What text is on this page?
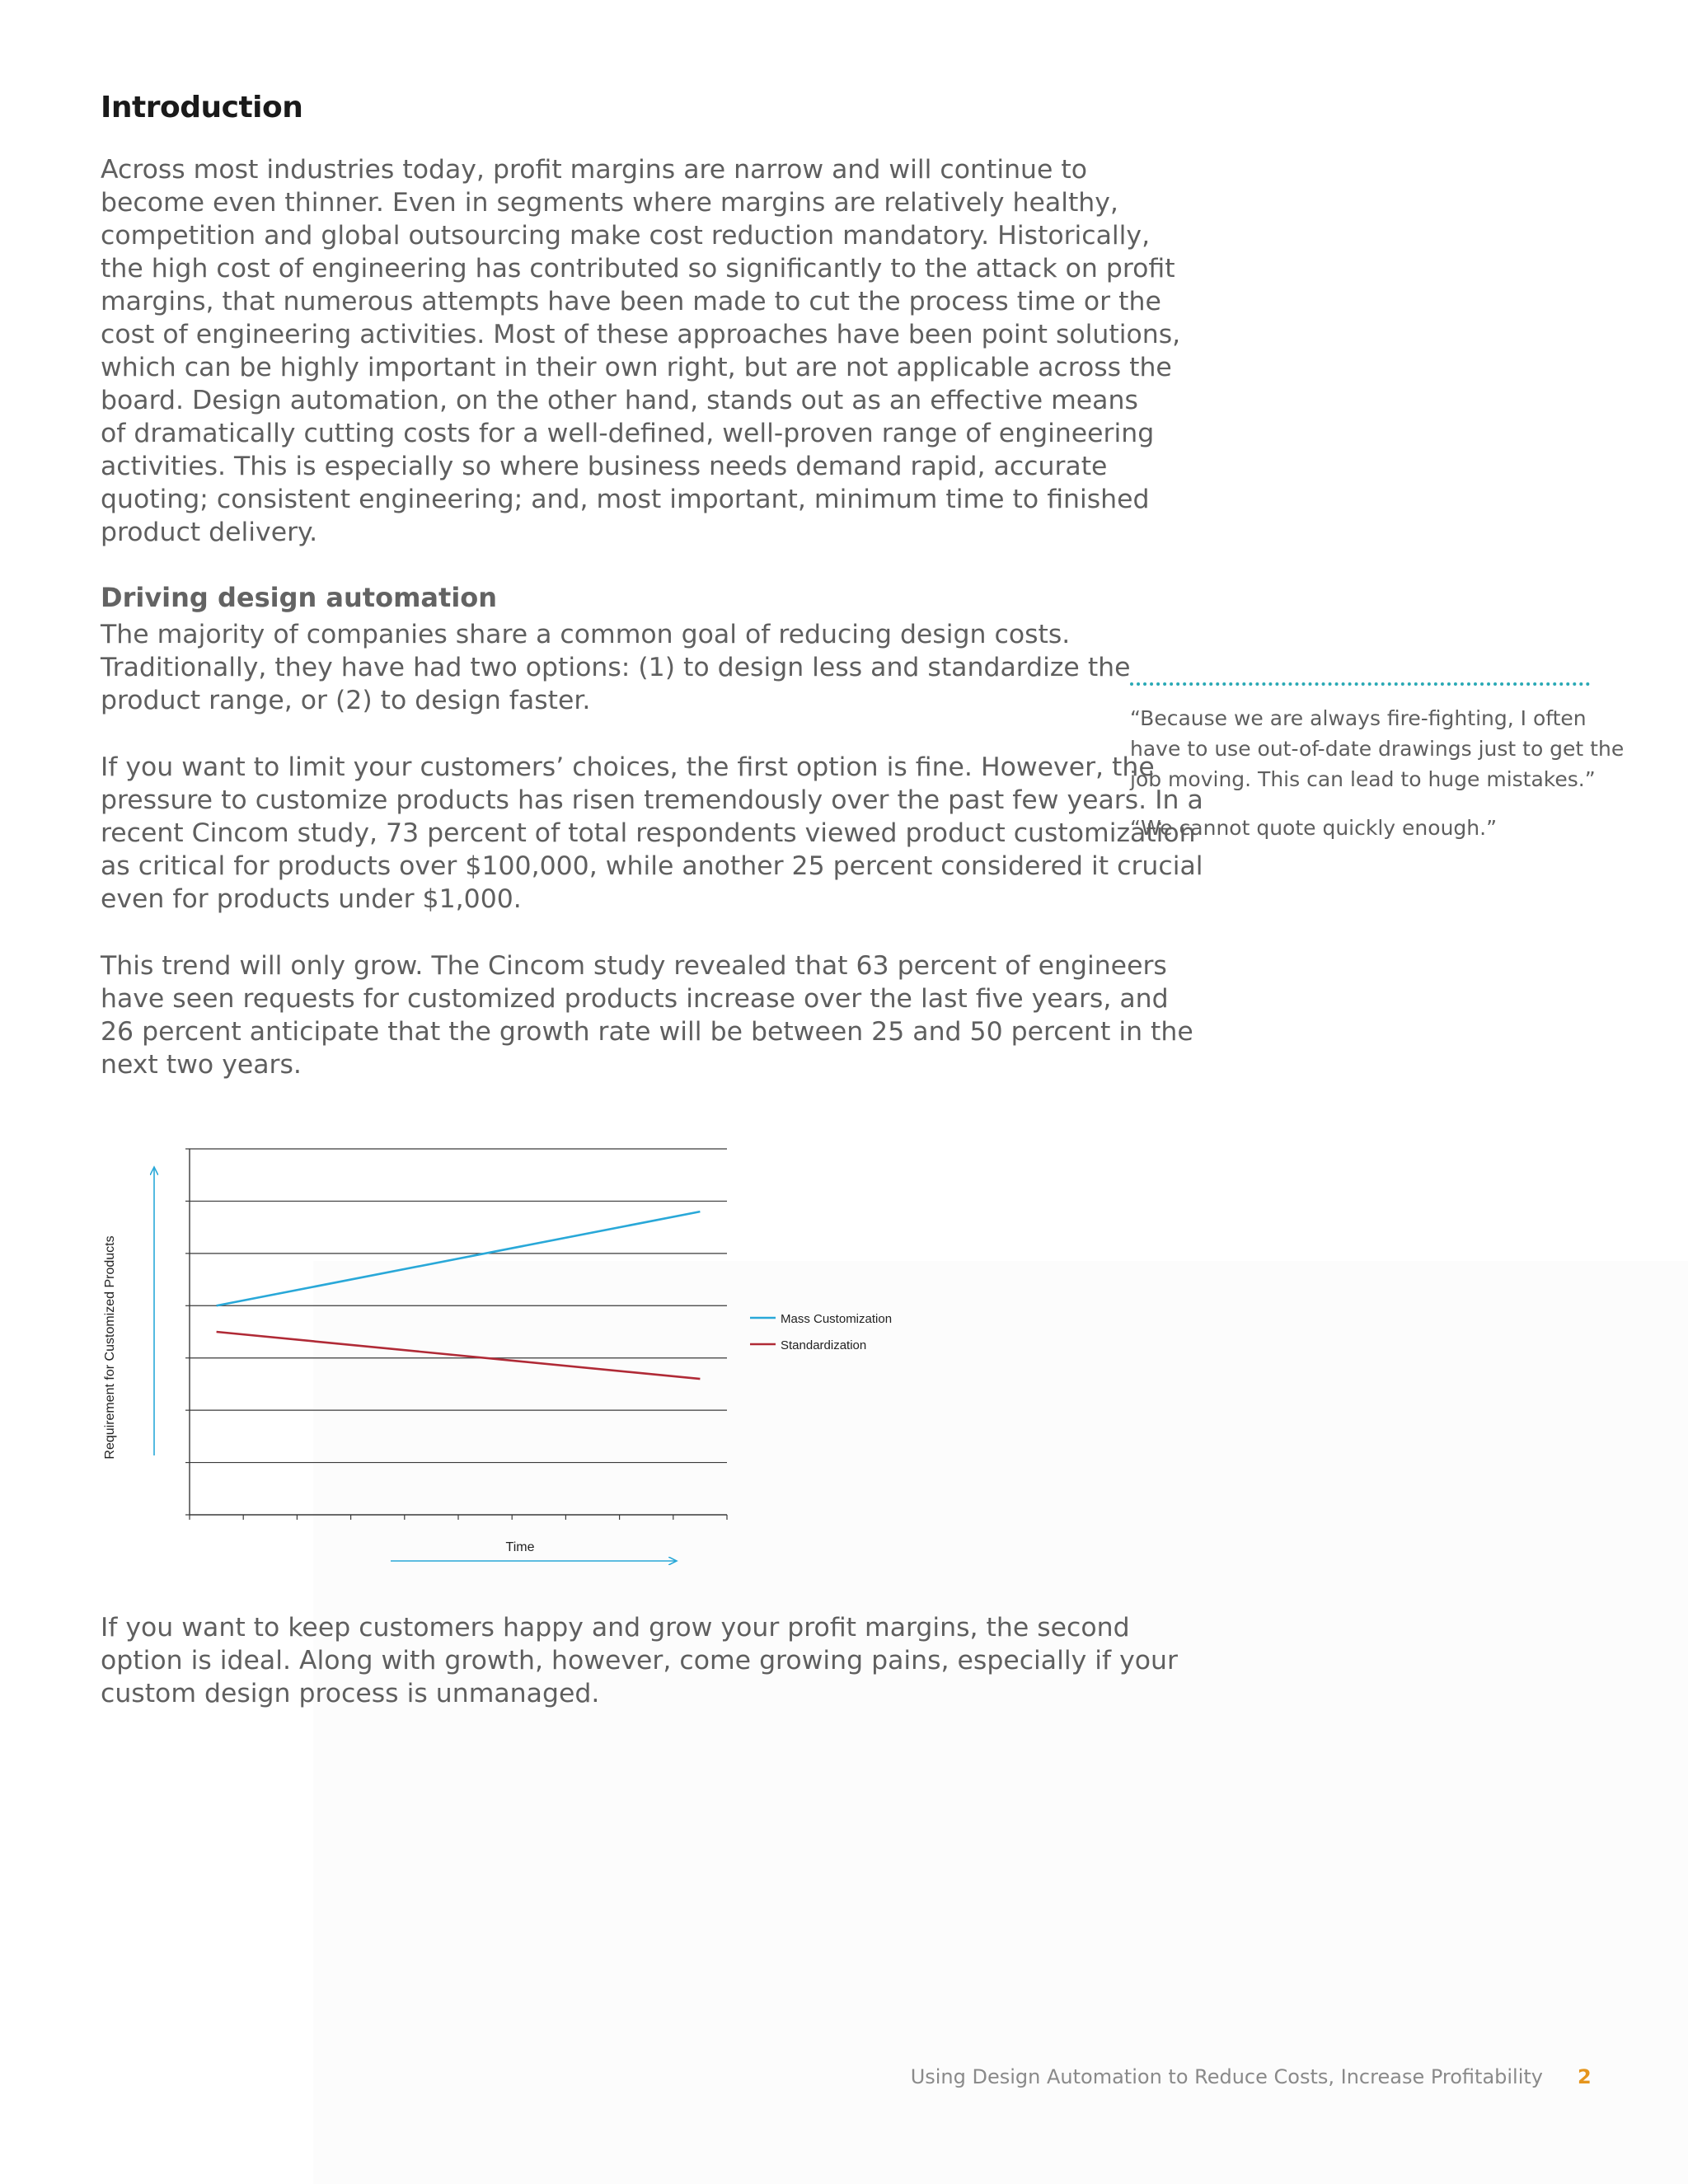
Introduction
Across most industries today, profit margins are narrow and will continue to
become even thinner. Even in segments where margins are relatively healthy,
competition and global outsourcing make cost reduction mandatory. Historically,
the high cost of engineering has contributed so significantly to the attack on profit
margins, that numerous attempts have been made to cut the process time or the
cost of engineering activities. Most of these approaches have been point solutions,
which can be highly important in their own right, but are not applicable across the
board. Design automation, on the other hand, stands out as an effective means
of dramatically cutting costs for a well-defined, well-proven range of engineering
activities. This is especially so where business needs demand rapid, accurate
quoting; consistent engineering; and, most important, minimum time to finished
product delivery.
Driving design automation
The majority of companies share a common goal of reducing design costs.
Traditionally, they have had two options: (1) to design less and standardize the
product range, or (2) to design faster.
If you want to limit your customers’ choices, the first option is fine. However, the
pressure to customize products has risen tremendously over the past few years. In a
recent Cincom study, 73 percent of total respondents viewed product customization
as critical for products over $100,000, while another 25 percent considered it crucial
even for products under $1,000.
This trend will only grow. The Cincom study revealed that 63 percent of engineers
have seen requests for customized products increase over the last five years, and
26 percent anticipate that the growth rate will be between 25 and 50 percent in the
next two years.
If you want to keep customers happy and grow your profit margins, the second
option is ideal. Along with growth, however, come growing pains, especially if your
custom design process is unmanaged.
“Because we are always fire-fighting, I often
have to use out-of-date drawings just to get the
job moving. This can lead to huge mistakes.”
“We cannot quote quickly enough.”
Mass Customization
Standardization
Time
Requirement for Customized Products
Using Design Automation to Reduce Costs, Increase Profitability 2
